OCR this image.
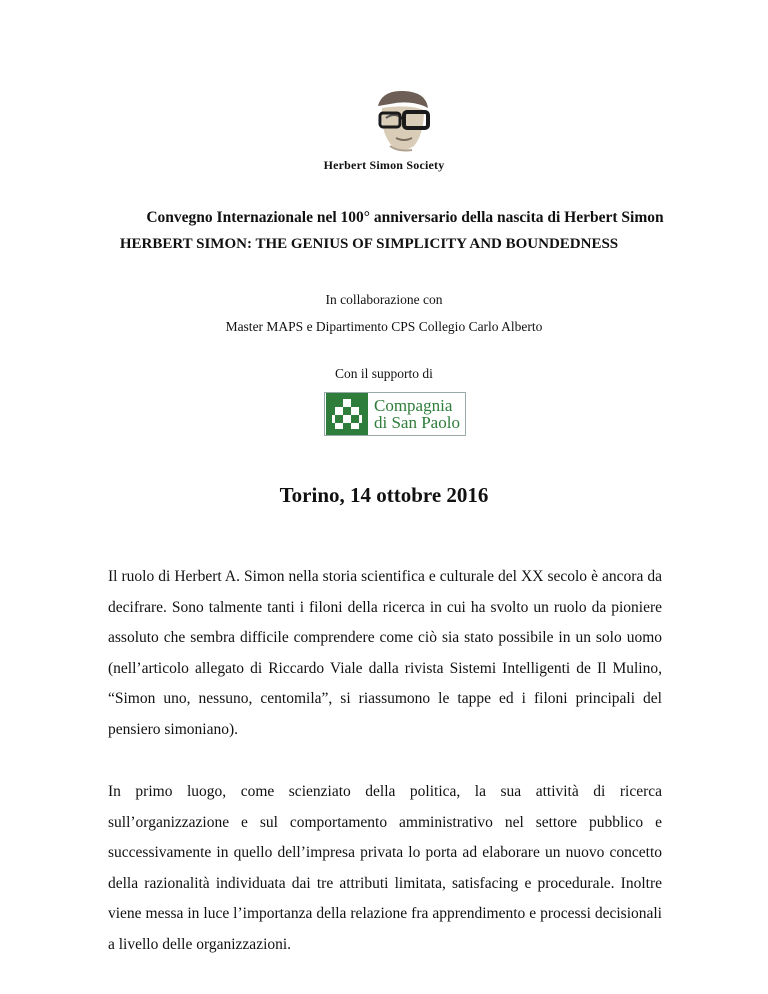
Herbert Simon Society
Convegno Internazionale nel 100° anniversario della nascita di Herbert Simon
HERBERT SIMON: THE GENIUS OF SIMPLICITY AND BOUNDEDNESS
In collaborazione con
Master MAPS e Dipartimento CPS Collegio Carlo Alberto
Con il supporto di
Compagnia
di San Paolo
Torino, 14 ottobre 2016
Il ruolo di Herbert A. Simon nella storia scientifica e culturale del XX secolo è ancora da decifrare. Sono talmente tanti i filoni della ricerca in cui ha svolto un ruolo da pioniere assoluto che sembra difficile comprendere come ciò sia stato possibile in un solo uomo (nell’articolo allegato di Riccardo Viale dalla rivista Sistemi Intelligenti de Il Mulino, “Simon uno, nessuno, centomila”, si riassumono le tappe ed i filoni principali del pensiero simoniano).
In primo luogo, come scienziato della politica, la sua attività di ricerca sull’organizzazione e sul comportamento amministrativo nel settore pubblico e successivamente in quello dell’impresa privata lo porta ad elaborare un nuovo concetto della razionalità individuata dai tre attributi limitata, satisfacing e procedurale. Inoltre viene messa in luce l’importanza della relazione fra apprendimento e processi decisionali a livello delle organizzazioni.
